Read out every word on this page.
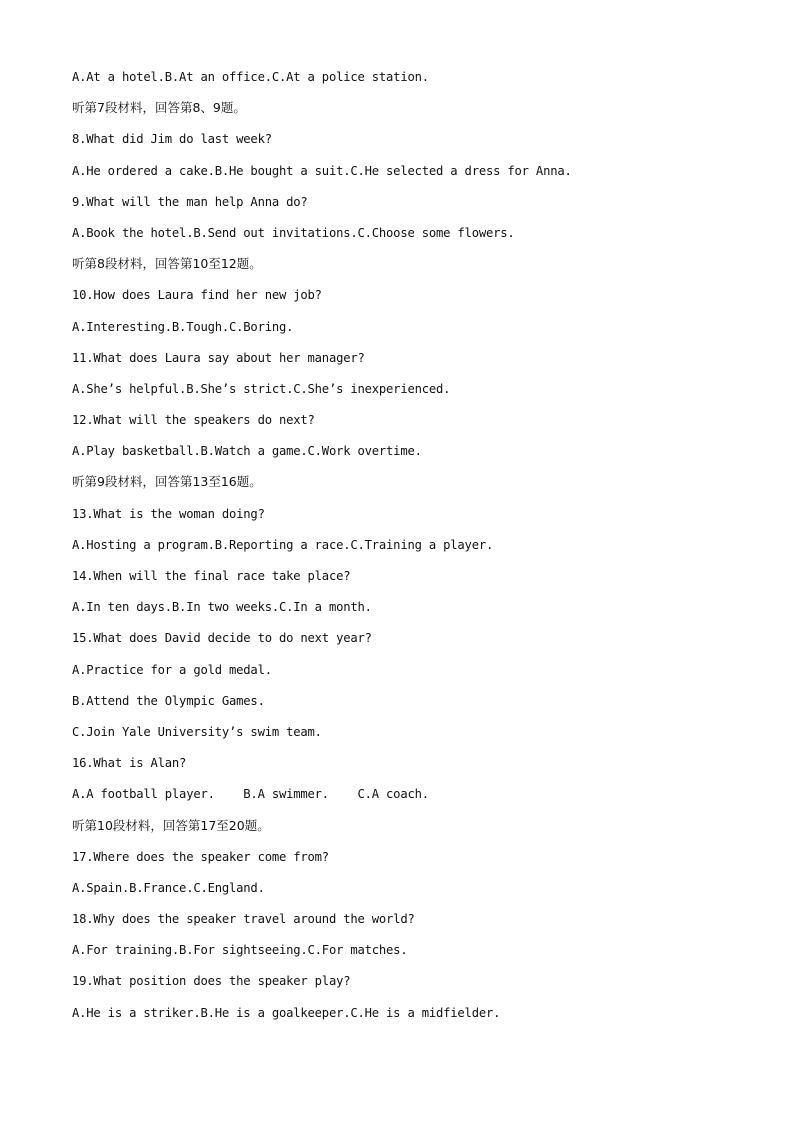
A.At a hotel.B.At an office.C.At a police station.
听第7段材料，回答第8、9题。
8.What did Jim do last week?
A.He ordered a cake.B.He bought a suit.C.He selected a dress for Anna.
9.What will the man help Anna do?
A.Book the hotel.B.Send out invitations.C.Choose some flowers.
听第8段材料，回答第10至12题。
10.How does Laura find her new job?
A.Interesting.B.Tough.C.Boring.
11.What does Laura say about her manager?
A.She’s helpful.B.She’s strict.C.She’s inexperienced.
12.What will the speakers do next?
A.Play basketball.B.Watch a game.C.Work overtime.
听第9段材料，回答第13至16题。
13.What is the woman doing?
A.Hosting a program.B.Reporting a race.C.Training a player.
14.When will the final race take place?
A.In ten days.B.In two weeks.C.In a month.
15.What does David decide to do next year?
A.Practice for a gold medal.
B.Attend the Olympic Games.
C.Join Yale University’s swim team.
16.What is Alan?
A.A football player.    B.A swimmer.    C.A coach.
听第10段材料，回答第17至20题。
17.Where does the speaker come from?
A.Spain.B.France.C.England.
18.Why does the speaker travel around the world?
A.For training.B.For sightseeing.C.For matches.
19.What position does the speaker play?
A.He is a striker.B.He is a goalkeeper.C.He is a midfielder.
